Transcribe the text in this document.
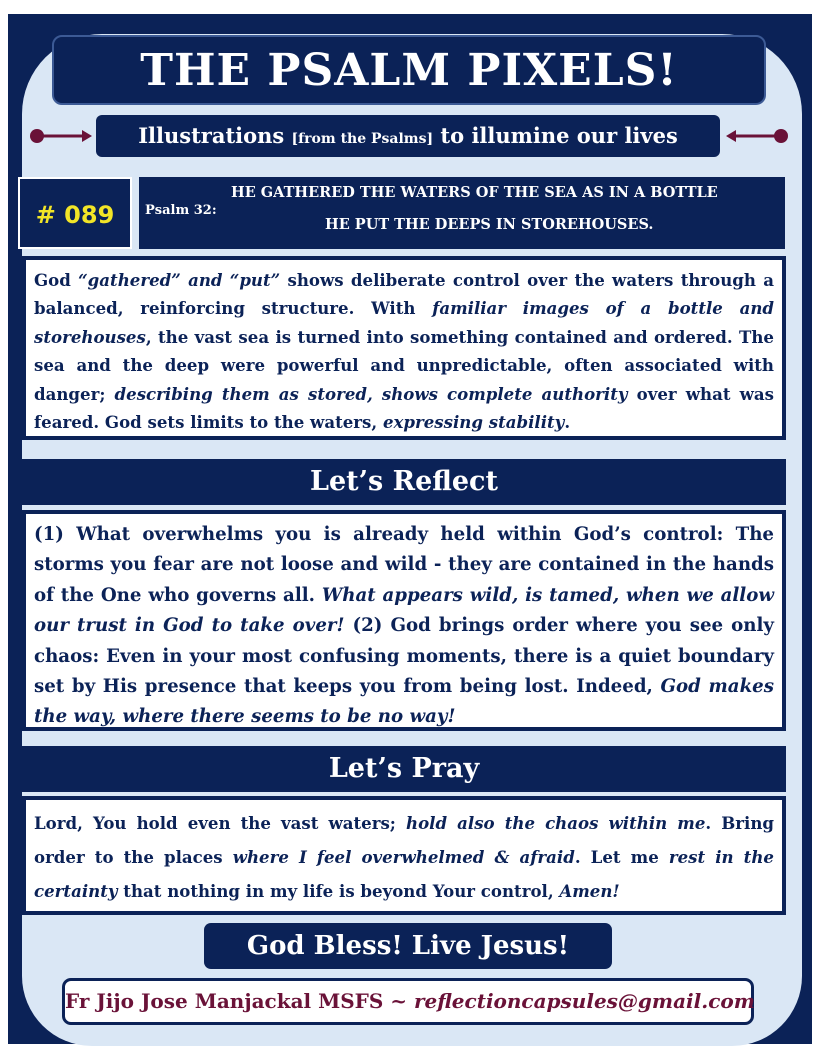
THE PSALM PIXELS!
Illustrations [from the Psalms] to illumine our lives
# 089	Psalm 32:
HE GATHERED THE WATERS OF THE SEA AS IN A BOTTLE
HE PUT THE DEEPS IN STOREHOUSES.
God “gathered” and “put” shows deliberate control over the waters through a balanced, reinforcing structure. With familiar images of a bottle and storehouses, the vast sea is turned into something contained and ordered. The sea and the deep were powerful and unpredictable, often associated with danger; describing them as stored, shows complete authority over what was feared. God sets limits to the waters, expressing stability.
Let’s Reflect
(1) What overwhelms you is already held within God’s control: The storms you fear are not loose and wild - they are contained in the hands of the One who governs all. What appears wild, is tamed, when we allow our trust in God to take over! (2) God brings order where you see only chaos: Even in your most confusing moments, there is a quiet boundary set by His presence that keeps you from being lost. Indeed, God makes the way, where there seems to be no way!
Let’s Pray
Lord, You hold even the vast waters; hold also the chaos within me. Bring order to the places where I feel overwhelmed & afraid. Let me rest in the certainty that nothing in my life is beyond Your control, Amen!
God Bless! Live Jesus!
Fr Jijo Jose Manjackal MSFS ~ reflectioncapsules@gmail.com
